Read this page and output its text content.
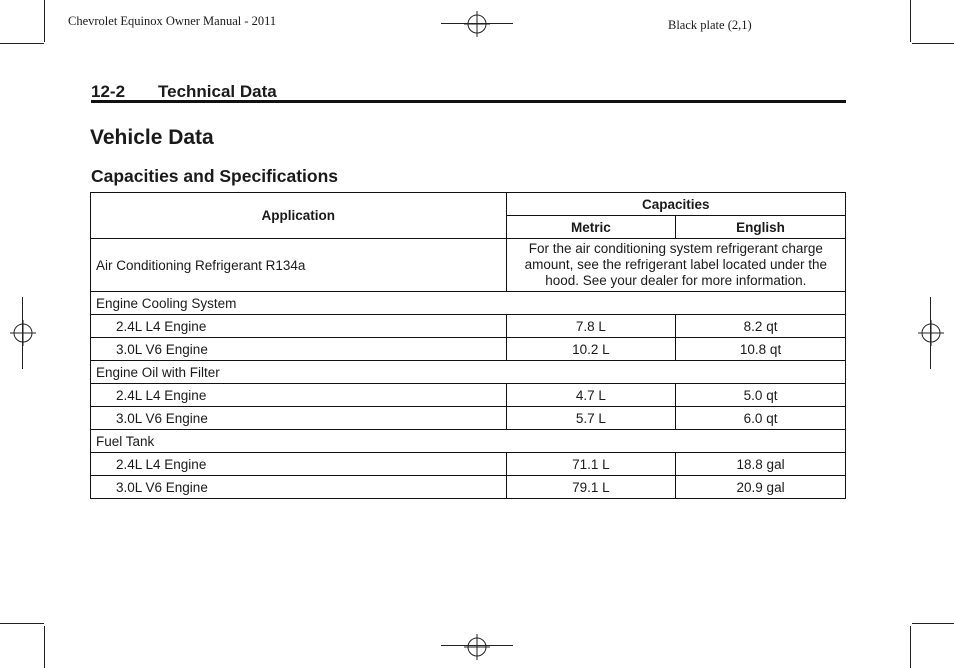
Chevrolet Equinox Owner Manual - 2011	Black plate (2,1)
12-2 Technical Data
Vehicle Data
Capacities and Specifications
Application	Capacities	
	Metric	English
Air Conditioning Refrigerant R134a	For the air conditioning system refrigerant charge amount, see the refrigerant label located under the hood. See your dealer for more information.	
Engine Cooling System		
2.4L L4 Engine	7.8 L	8.2 qt
3.0L V6 Engine	10.2 L	10.8 qt
Engine Oil with Filter		
2.4L L4 Engine	4.7 L	5.0 qt
3.0L V6 Engine	5.7 L	6.0 qt
Fuel Tank		
2.4L L4 Engine	71.1 L	18.8 gal
3.0L V6 Engine	79.1 L	20.9 gal
